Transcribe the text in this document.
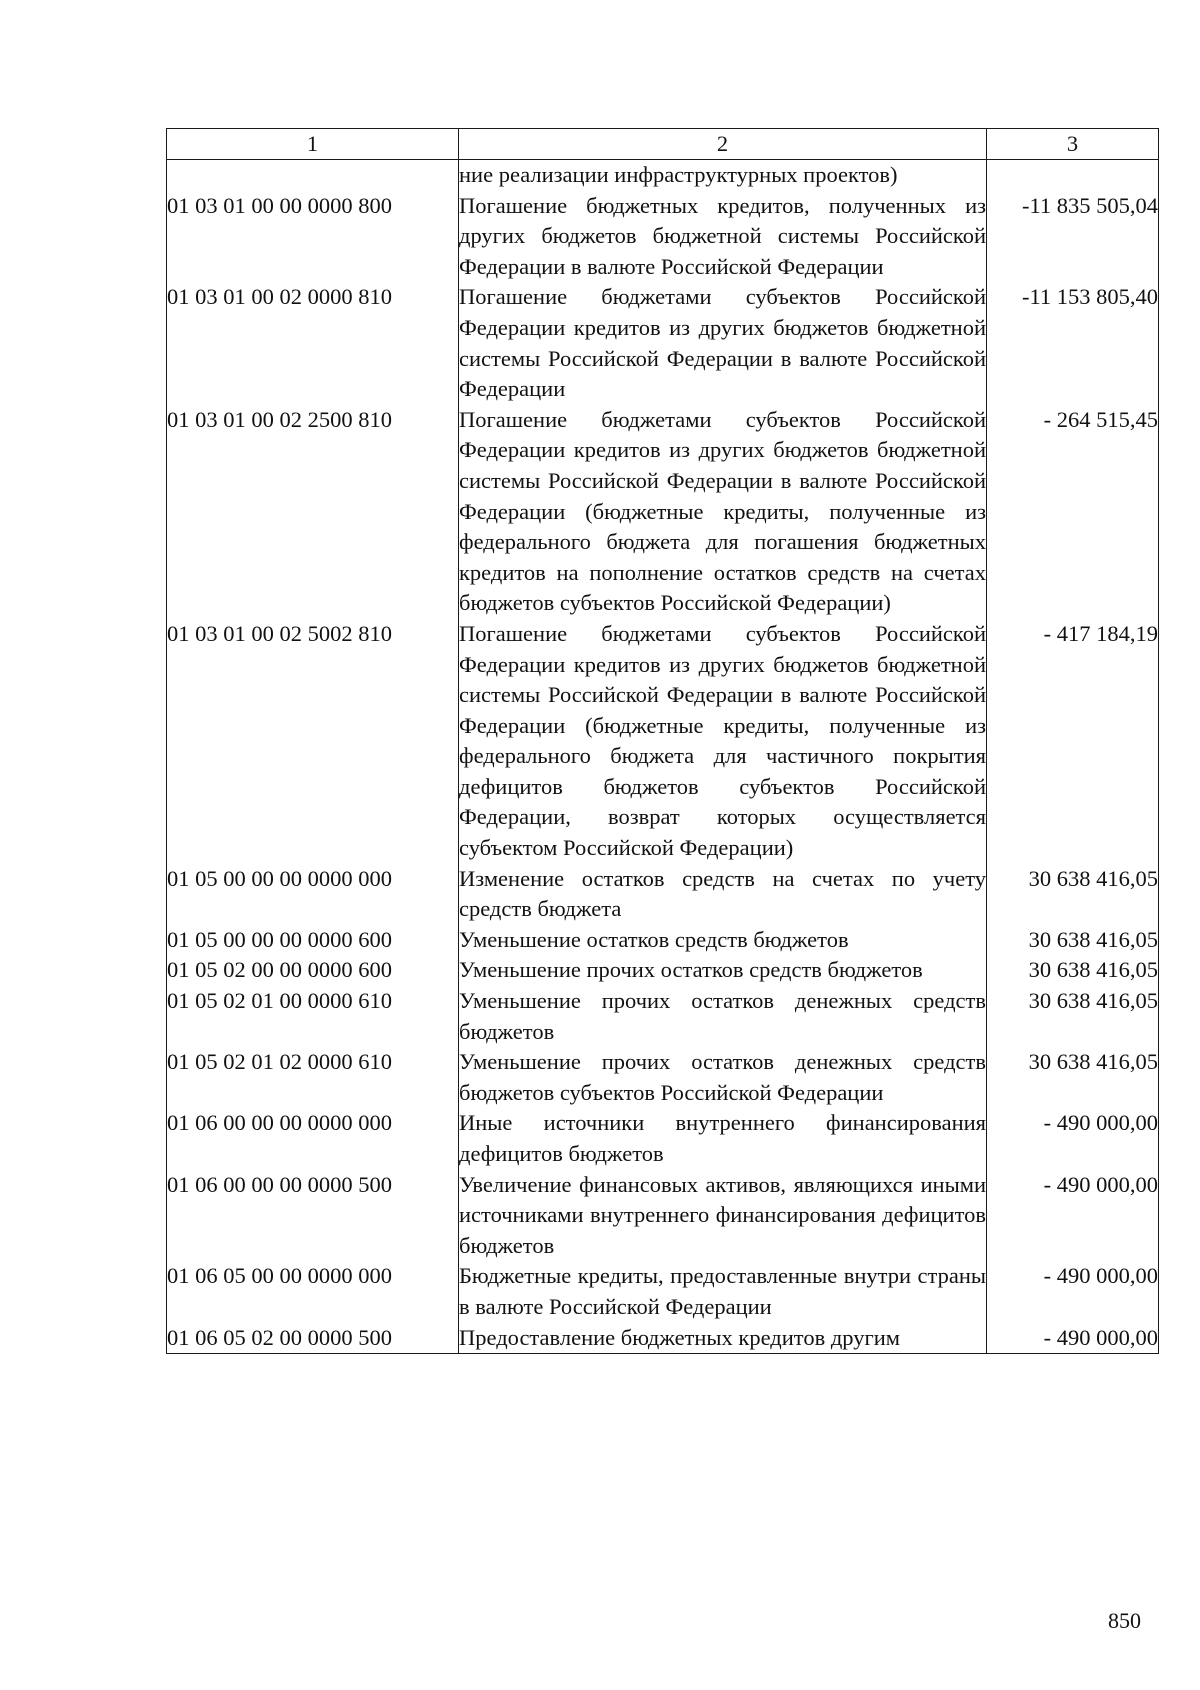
1	2	3
	ние реализации инфраструктурных проектов)	
01 03 01 00 00 0000 800	Погашение бюджетных кредитов, полученных из других бюджетов бюджетной системы Российской Федерации в валюте Российской Федерации	-11 835 505,04
01 03 01 00 02 0000 810	Погашение бюджетами субъектов Российской Федерации кредитов из других бюджетов бюджетной системы Российской Федерации в валюте Российской Федерации	-11 153 805,40
01 03 01 00 02 2500 810	Погашение бюджетами субъектов Российской Федерации кредитов из других бюджетов бюджетной системы Российской Федерации в валюте Российской Федерации (бюджетные кредиты, полученные из федерального бюджета для погашения бюджетных кредитов на пополнение остатков средств на счетах бюджетов субъектов Российской Федерации)	- 264 515,45
01 03 01 00 02 5002 810	Погашение бюджетами субъектов Российской Федерации кредитов из других бюджетов бюджетной системы Российской Федерации в валюте Российской Федерации (бюджетные кредиты, полученные из федерального бюджета для частичного покрытия дефицитов бюджетов субъектов Российской Федерации, возврат которых осуществляется субъектом Российской Федерации)	- 417 184,19
01 05 00 00 00 0000 000	Изменение остатков средств на счетах по учету средств бюджета	30 638 416,05
01 05 00 00 00 0000 600	Уменьшение остатков средств бюджетов	30 638 416,05
01 05 02 00 00 0000 600	Уменьшение прочих остатков средств бюджетов	30 638 416,05
01 05 02 01 00 0000 610	Уменьшение прочих остатков денежных средств бюджетов	30 638 416,05
01 05 02 01 02 0000 610	Уменьшение прочих остатков денежных средств бюджетов субъектов Российской Федерации	30 638 416,05
01 06 00 00 00 0000 000	Иные источники внутреннего финансирования дефицитов бюджетов	- 490 000,00
01 06 00 00 00 0000 500	Увеличение финансовых активов, являющихся иными источниками внутреннего финансирования дефицитов бюджетов	- 490 000,00
01 06 05 00 00 0000 000	Бюджетные кредиты, предоставленные внутри страны в валюте Российской Федерации	- 490 000,00
01 06 05 02 00 0000 500	Предоставление бюджетных кредитов другим	- 490 000,00
850
